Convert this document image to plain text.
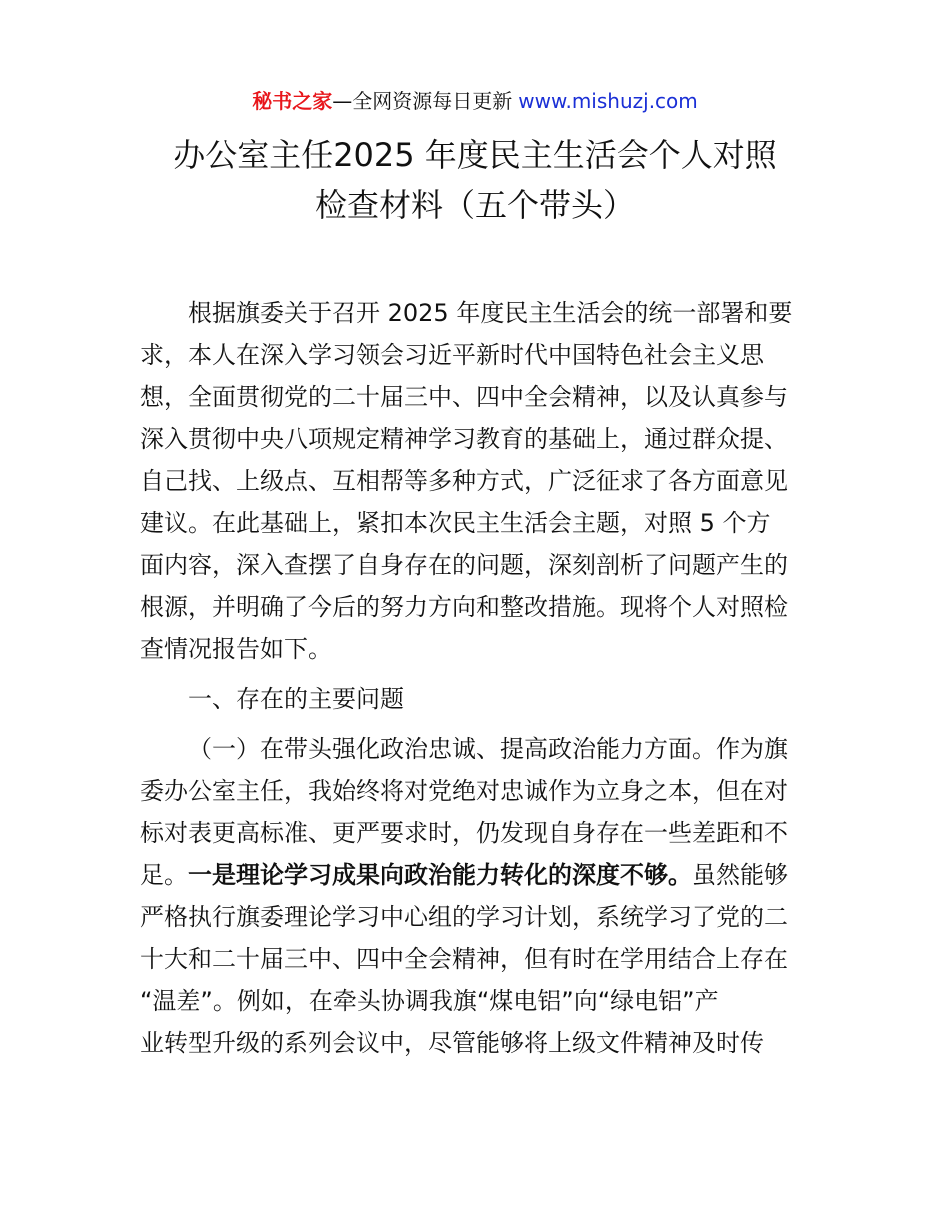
秘书之家—全网资源每日更新 www.mishuzj.com
办公室主任2025 年度民主生活会个人对照
检查材料（五个带头）
根据旗委关于召开 2025 年度民主生活会的统一部署和要
求，本人在深入学习领会习近平新时代中国特色社会主义思
想，全面贯彻党的二十届三中、四中全会精神，以及认真参与
深入贯彻中央八项规定精神学习教育的基础上，通过群众提、
自己找、上级点、互相帮等多种方式，广泛征求了各方面意见
建议。在此基础上，紧扣本次民主生活会主题，对照 5 个方
面内容，深入查摆了自身存在的问题，深刻剖析了问题产生的
根源，并明确了今后的努力方向和整改措施。现将个人对照检
查情况报告如下。
一、存在的主要问题
（一）在带头强化政治忠诚、提高政治能力方面。作为旗
委办公室主任，我始终将对党绝对忠诚作为立身之本，但在对
标对表更高标准、更严要求时，仍发现自身存在一些差距和不
足。一是理论学习成果向政治能力转化的深度不够。虽然能够
严格执行旗委理论学习中心组的学习计划，系统学习了党的二
十大和二十届三中、四中全会精神，但有时在学用结合上存在
“温差”。例如，在牵头协调我旗“煤电铝”向“绿电铝”产
业转型升级的系列会议中，尽管能够将上级文件精神及时传
